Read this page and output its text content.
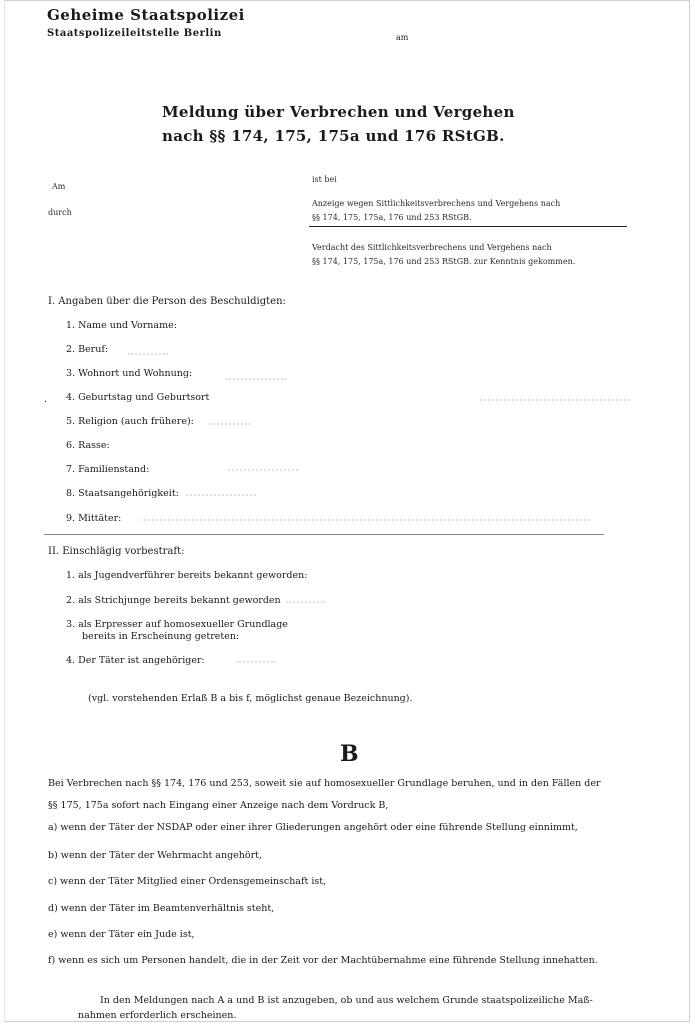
Geheime Staatspolizei
Staatspolizeileitstelle Berlin	am
Meldung über Verbrechen und Vergehen
nach §§ 174, 175, 175a und 176 RStGB.
Am
durch
ist bei
Anzeige wegen Sittlichkeitsverbrechens und Vergehens nach
§§ 174, 175, 175a, 176 und 253 RStGB.
Verdacht des Sittlichkeitsverbrechens und Vergehens nach
§§ 174, 175, 175a, 176 und 253 RStGB. zur Kenntnis gekommen.
I. Angaben über die Person des Beschuldigten:
1. Name und Vorname:
2. Beruf:
3. Wohnort und Wohnung:
· 4. Geburtstag und Geburtsort
5. Religion (auch frühere):
6. Rasse:
7. Familienstand:
8. Staatsangehörigkeit:
9. Mittäter:
II. Einschlägig vorbestraft:
1. als Jugendverführer bereits bekannt geworden:
2. als Strichjunge bereits bekannt geworden
3. als Erpresser auf homosexueller Grundlage
bereits in Erscheinung getreten:
4. Der Täter ist angehöriger:
(vgl. vorstehenden Erlaß B a bis f, möglichst genaue Bezeichnung).
B
Bei Verbrechen nach §§ 174, 176 und 253, soweit sie auf homosexueller Grundlage beruhen, und in den Fällen der
§§ 175, 175a sofort nach Eingang einer Anzeige nach dem Vordruck B,
a) wenn der Täter der NSDAP oder einer ihrer Gliederungen angehört oder eine führende Stellung einnimmt,
b) wenn der Täter der Wehrmacht angehört,
c) wenn der Täter Mitglied einer Ordensgemeinschaft ist,
d) wenn der Täter im Beamtenverhältnis steht,
e) wenn der Täter ein Jude ist,
f) wenn es sich um Personen handelt, die in der Zeit vor der Machtübernahme eine führende Stellung innehatten.
In den Meldungen nach A a und B ist anzugeben, ob und aus welchem Grunde staatspolizeiliche Maß-
nahmen erforderlich erscheinen.
